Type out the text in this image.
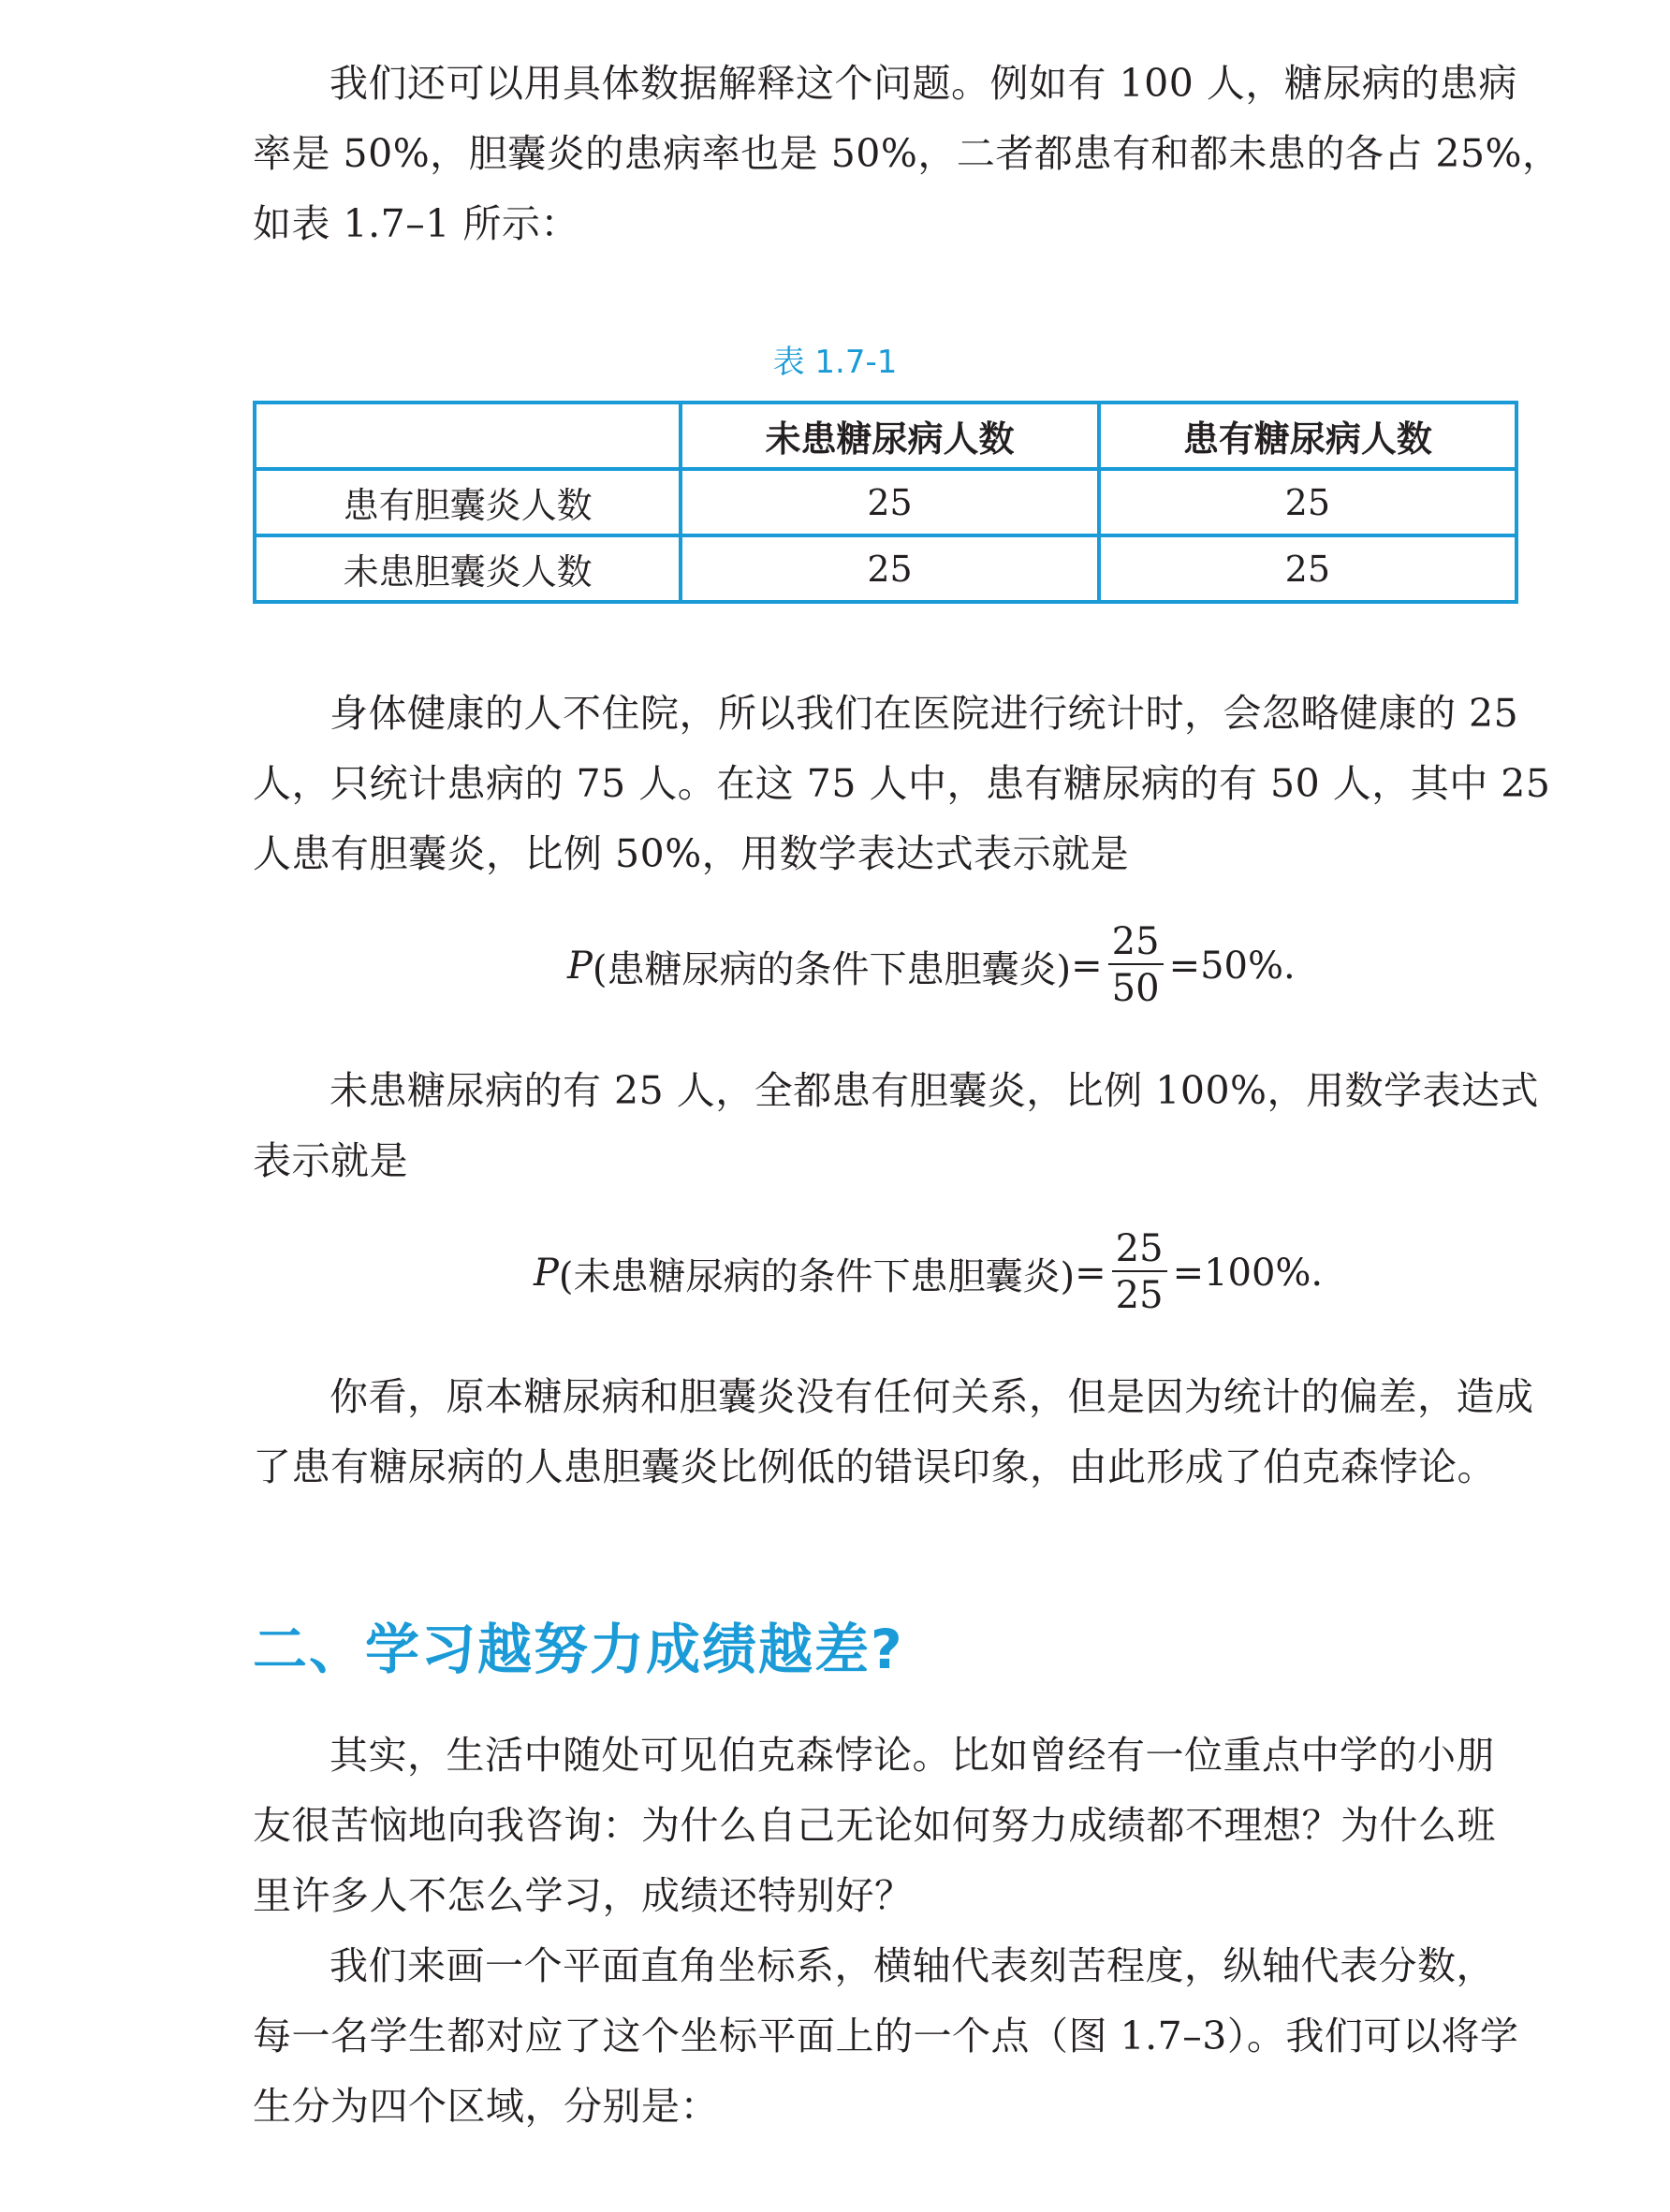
我们还可以用具体数据解释这个问题。例如有 100 人，糖尿病的患病
率是 50%，胆囊炎的患病率也是 50%，二者都患有和都未患的各占 25%，
如表 1.7–1 所示：

表 1.7-1
	未患糖尿病人数	患有糖尿病人数
患有胆囊炎人数	25	25
未患胆囊炎人数	25	25

身体健康的人不住院，所以我们在医院进行统计时，会忽略健康的 25
人，只统计患病的 75 人。在这 75 人中，患有糖尿病的有 50 人，其中 25
人患有胆囊炎，比例 50%，用数学表达式表示就是

P (患糖尿病的条件下患胆囊炎) = $\frac{25}{50} =50\%$.

未患糖尿病的有 25 人，全都患有胆囊炎，比例 100%，用数学表达式
表示就是

P (未患糖尿病的条件下患胆囊炎) = $\frac{25}{25} =100\%$.

你看，原本糖尿病和胆囊炎没有任何关系，但是因为统计的偏差，造成
了患有糖尿病的人患胆囊炎比例低的错误印象，由此形成了伯克森悖论。

二、学习越努力成绩越差?

其实，生活中随处可见伯克森悖论。比如曾经有一位重点中学的小朋
友很苦恼地向我咨询：为什么自己无论如何努力成绩都不理想？为什么班
里许多人不怎么学习，成绩还特别好？

我们来画一个平面直角坐标系，横轴代表刻苦程度，纵轴代表分数，
每一名学生都对应了这个坐标平面上的一个点（图 1.7–3）。我们可以将学
生分为四个区域，分别是：
